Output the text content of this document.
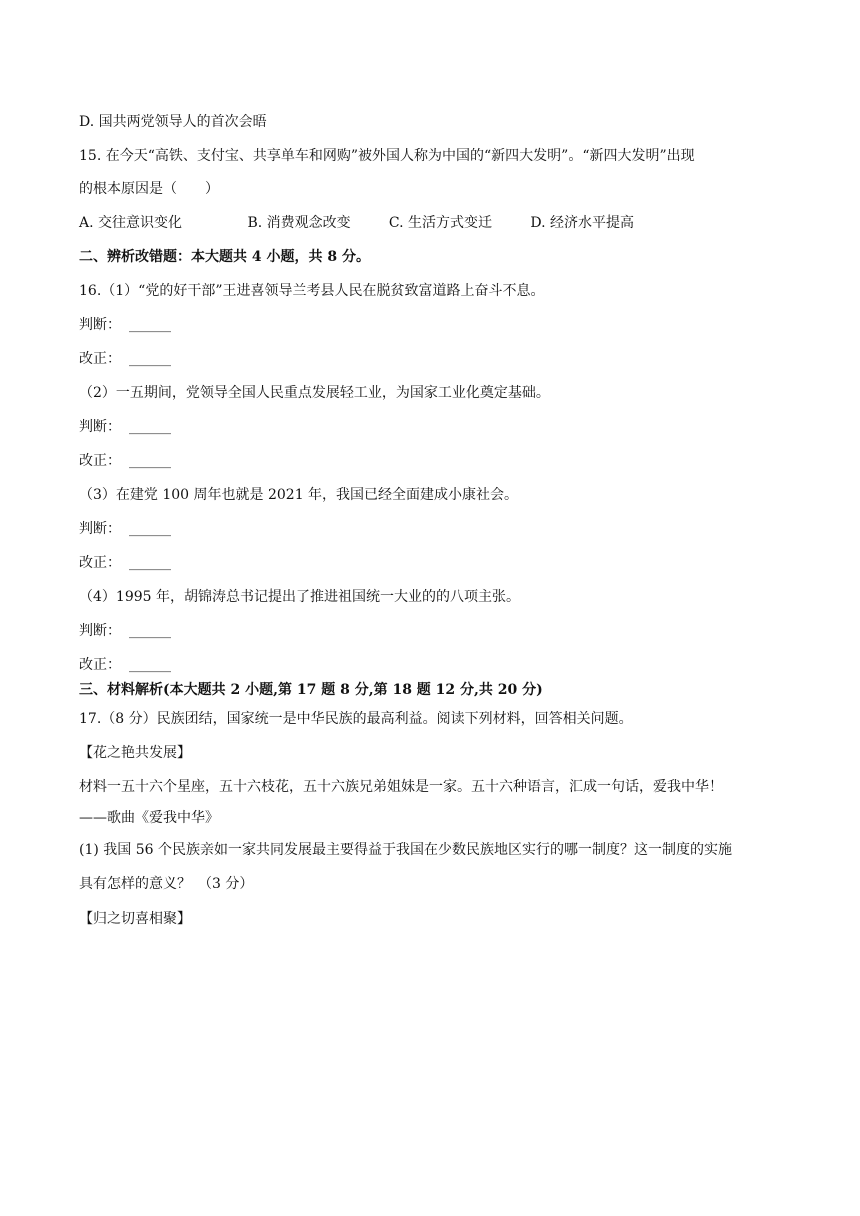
D. 国共两党领导人的首次会晤
15. 在今天“高铁、支付宝、共享单车和网购”被外国人称为中国的“新四大发明”。“新四大发明”出现
的根本原因是（　　）
A. 交往意识变化	B. 消费观念改变	C. 生活方式变迁	D. 经济水平提高
二、辨析改错题：本大题共 4 小题，共 8 分。
16.（1）“党的好干部”王进喜领导兰考县人民在脱贫致富道路上奋斗不息。
判断： ______
改正： ______
（2）一五期间，党领导全国人民重点发展轻工业，为国家工业化奠定基础。
判断： ______
改正： ______
（3）在建党 100 周年也就是 2021 年，我国已经全面建成小康社会。
判断： ______
改正： ______
（4）1995 年，胡锦涛总书记提出了推进祖国统一大业的的八项主张。
判断： ______
改正： ______
三、材料解析(本大题共 2 小题,第 17 题 8 分,第 18 题 12 分,共 20 分)
17.（8 分）民族团结，国家统一是中华民族的最高利益。阅读下列材料，回答相关问题。
【花之艳共发展】
材料一五十六个星座，五十六枝花，五十六族兄弟姐妹是一家。五十六种语言，汇成一句话，爱我中华！
——歌曲《爱我中华》
(1) 我国 56 个民族亲如一家共同发展最主要得益于我国在少数民族地区实行的哪一制度？这一制度的实施
具有怎样的意义？　（3 分）
【归之切喜相聚】
